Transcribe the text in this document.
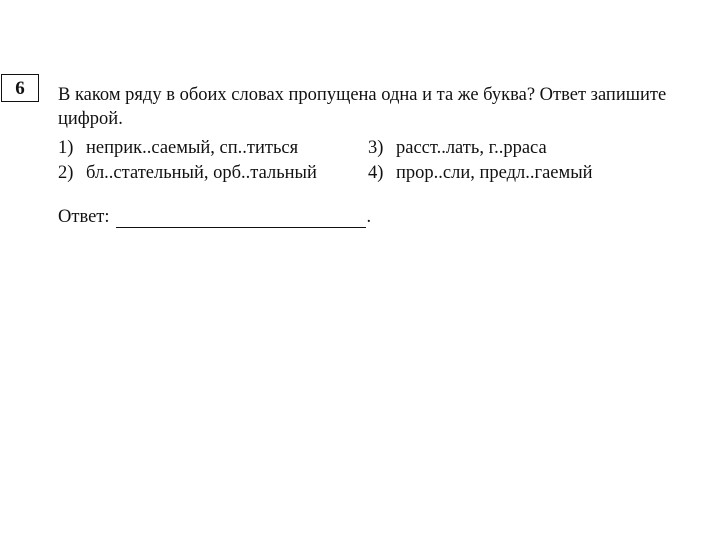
6 В каком ряду в обоих словах пропущена одна и та же буква? Ответ запишите
цифрой.
1) неприк..саемый, сп..титься
2) бл..стательный, орб..тальный
3) расст..лать, г..рраса
4) прор..сли, предл..гаемый
Ответ:	.
